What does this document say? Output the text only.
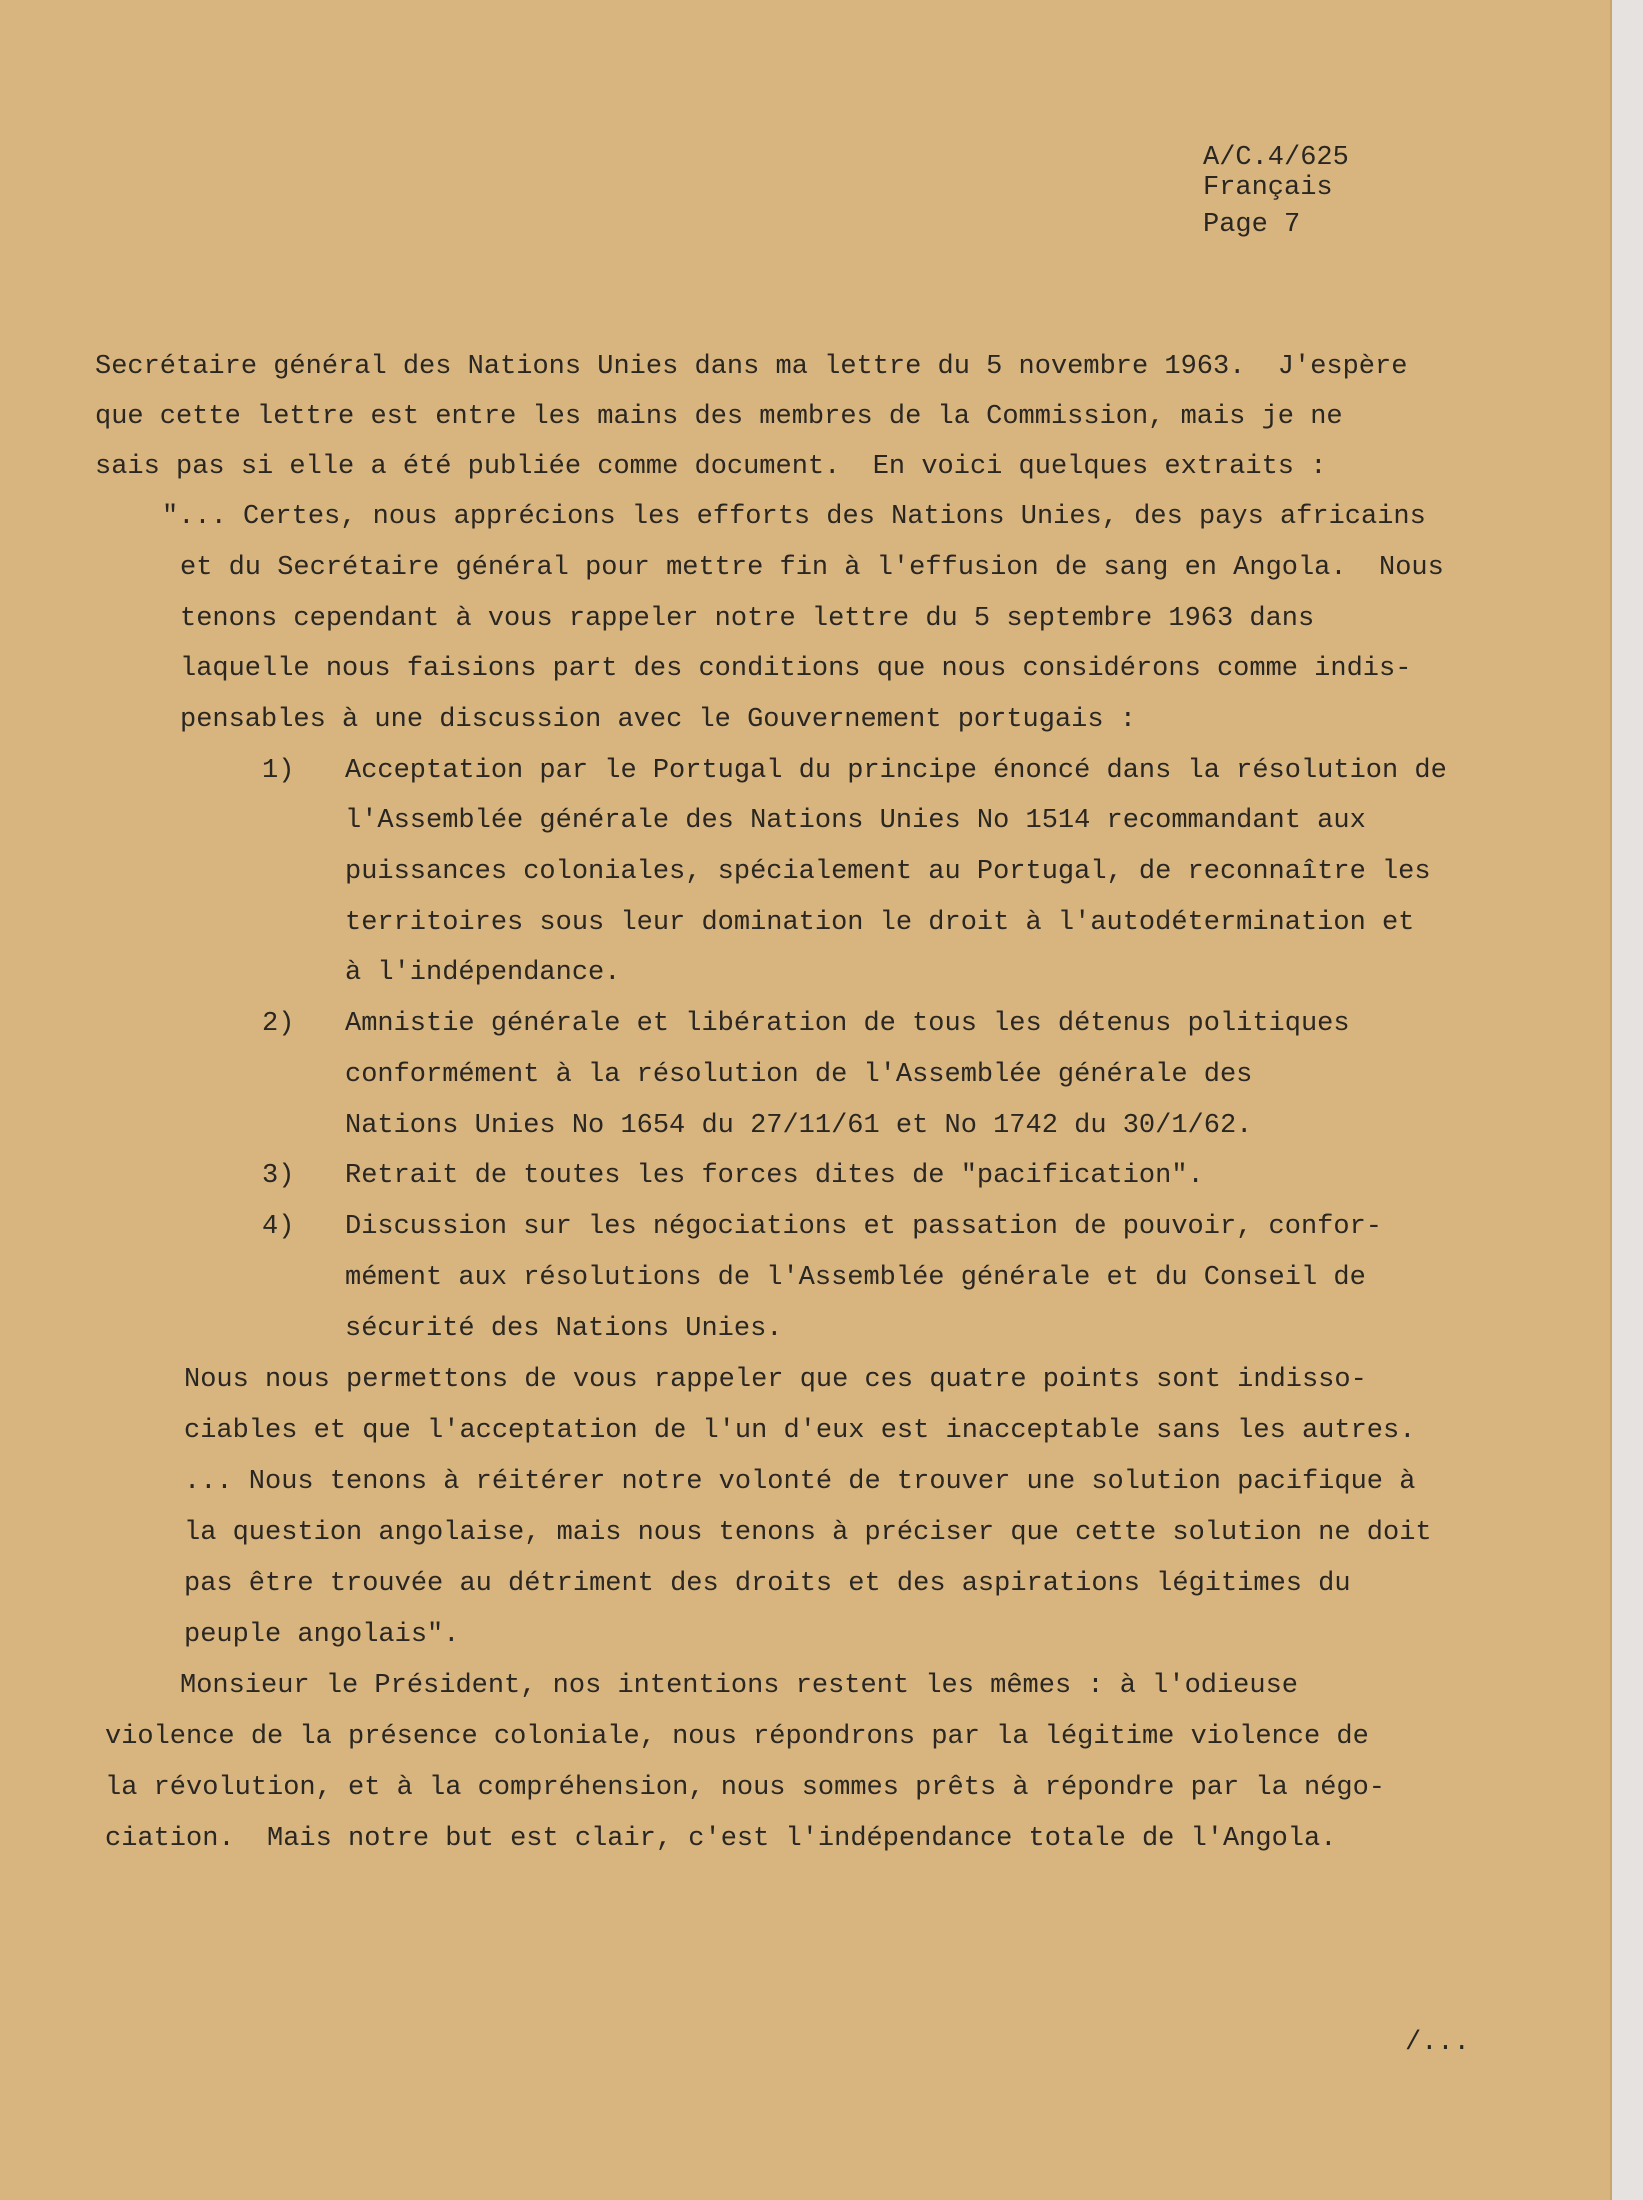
A/C.4/625

Français

Page 7

Secrétaire général des Nations Unies dans ma lettre du 5 novembre 1963.  J'espère

que cette lettre est entre les mains des membres de la Commission, mais je ne

sais pas si elle a été publiée comme document.  En voici quelques extraits :

"... Certes, nous apprécions les efforts des Nations Unies, des pays africains

et du Secrétaire général pour mettre fin à l'effusion de sang en Angola.  Nous

tenons cependant à vous rappeler notre lettre du 5 septembre 1963 dans

laquelle nous faisions part des conditions que nous considérons comme indis-

pensables à une discussion avec le Gouvernement portugais :

1) Acceptation par le Portugal du principe énoncé dans la résolution de

l'Assemblée générale des Nations Unies No 1514 recommandant aux

puissances coloniales, spécialement au Portugal, de reconnaître les

territoires sous leur domination le droit à l'autodétermination et

à l'indépendance.

2) Amnistie générale et libération de tous les détenus politiques

conformément à la résolution de l'Assemblée générale des

Nations Unies No 1654 du 27/11/61 et No 1742 du 30/1/62.

3) Retrait de toutes les forces dites de "pacification".

4) Discussion sur les négociations et passation de pouvoir, confor-

mément aux résolutions de l'Assemblée générale et du Conseil de

sécurité des Nations Unies.

Nous nous permettons de vous rappeler que ces quatre points sont indisso-

ciables et que l'acceptation de l'un d'eux est inacceptable sans les autres.

... Nous tenons à réitérer notre volonté de trouver une solution pacifique à

la question angolaise, mais nous tenons à préciser que cette solution ne doit

pas être trouvée au détriment des droits et des aspirations légitimes du

peuple angolais".

Monsieur le Président, nos intentions restent les mêmes : à l'odieuse

violence de la présence coloniale, nous répondrons par la légitime violence de

la révolution, et à la compréhension, nous sommes prêts à répondre par la négo-

ciation.  Mais notre but est clair, c'est l'indépendance totale de l'Angola.

/...
